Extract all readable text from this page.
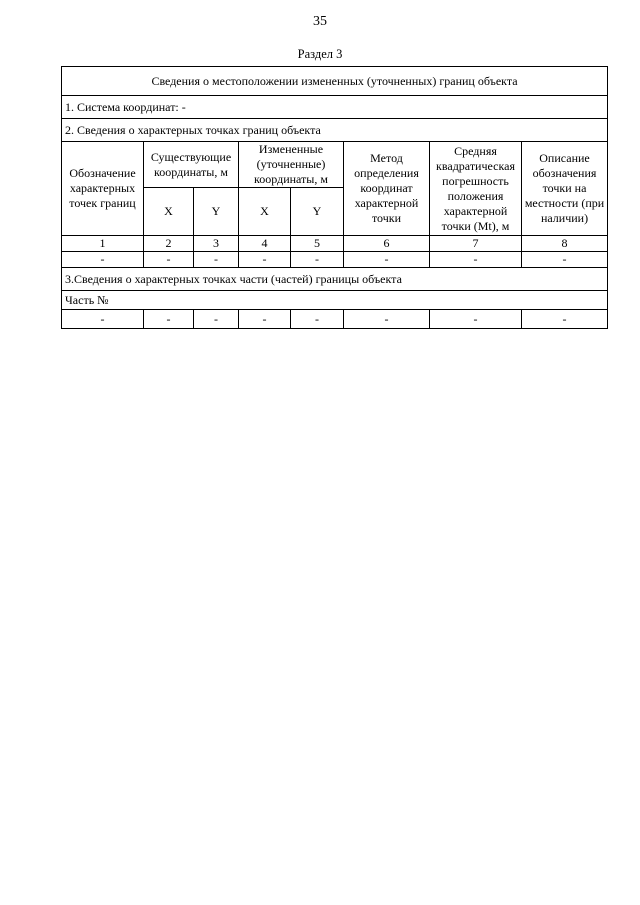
35
Раздел 3
Сведения о местоположении измененных (уточненных) границ объекта							
1. Система координат: -							
2. Сведения о характерных точках границ объекта							
Обозначение характерных точек границ	Существующие координаты, м		Измененные (уточненные) координаты, м		Метод определения координат характерной точки	Средняя квадратическая погрешность положения характерной точки (Mt), м	Описание обозначения точки на местности (при наличии)
	X	Y	X	Y			
1	2	3	4	5	6	7	8
-	-	-	-	-	-	-	-
3.Сведения о характерных точках части (частей) границы объекта							
Часть №							
-	-	-	-	-	-	-	-
